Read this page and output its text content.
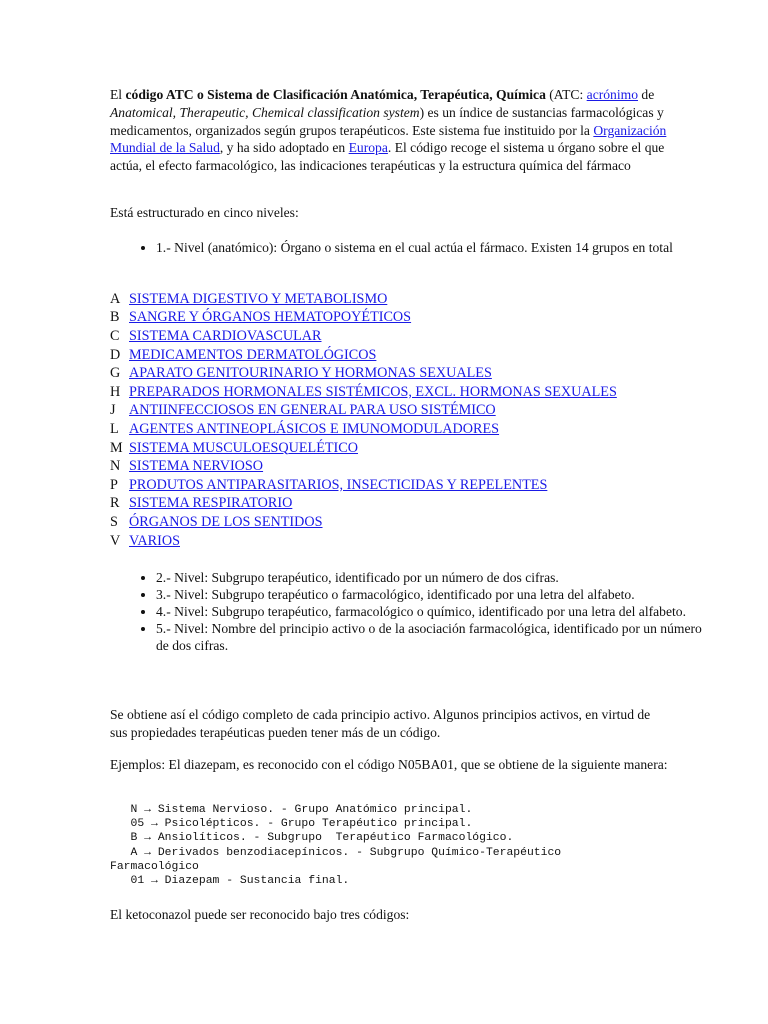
El código ATC o Sistema de Clasificación Anatómica, Terapéutica, Química (ATC: acrónimo de Anatomical, Therapeutic, Chemical classification system) es un índice de sustancias farmacológicas y medicamentos, organizados según grupos terapéuticos. Este sistema fue instituido por la Organización Mundial de la Salud, y ha sido adoptado en Europa. El código recoge el sistema u órgano sobre el que actúa, el efecto farmacológico, las indicaciones terapéuticas y la estructura química del fármaco

Está estructurado en cinco niveles:

• 1.- Nivel (anatómico): Órgano o sistema en el cual actúa el fármaco. Existen 14 grupos en total
A SISTEMA DIGESTIVO Y METABOLISMO
B SANGRE Y ÓRGANOS HEMATOPOYÉTICOS
C SISTEMA CARDIOVASCULAR
D MEDICAMENTOS DERMATOLÓGICOS
G APARATO GENITOURINARIO Y HORMONAS SEXUALES
H PREPARADOS HORMONALES SISTÉMICOS, EXCL. HORMONAS SEXUALES
J ANTIINFECCIOSOS EN GENERAL PARA USO SISTÉMICO
L AGENTES ANTINEOPLÁSICOS E IMUNOMODULADORES
M SISTEMA MUSCULOESQUELÉTICO
N SISTEMA NERVIOSO
P PRODUTOS ANTIPARASITARIOS, INSECTICIDAS Y REPELENTES
R SISTEMA RESPIRATORIO
S ÓRGANOS DE LOS SENTIDOS
V VARIOS
• 2.- Nivel: Subgrupo terapéutico, identificado por un número de dos cifras.
• 3.- Nivel: Subgrupo terapéutico o farmacológico, identificado por una letra del alfabeto.
• 4.- Nivel: Subgrupo terapéutico, farmacológico o químico, identificado por una letra del alfabeto.
• 5.- Nivel: Nombre del principio activo o de la asociación farmacológica, identificado por un número de dos cifras.

Se obtiene así el código completo de cada principio activo. Algunos principios activos, en virtud de sus propiedades terapéuticas pueden tener más de un código.

Ejemplos: El diazepam, es reconocido con el código N05BA01, que se obtiene de la siguiente manera:

N → Sistema Nervioso. - Grupo Anatómico principal.
05 → Psicolépticos. - Grupo Terapéutico principal.
B → Ansiolíticos. - Subgrupo  Terapéutico Farmacológico.
A → Derivados benzodiacepínicos. - Subgrupo Químico-Terapéutico
Farmacológico
01 → Diazepam - Sustancia final.

El ketoconazol puede ser reconocido bajo tres códigos:
